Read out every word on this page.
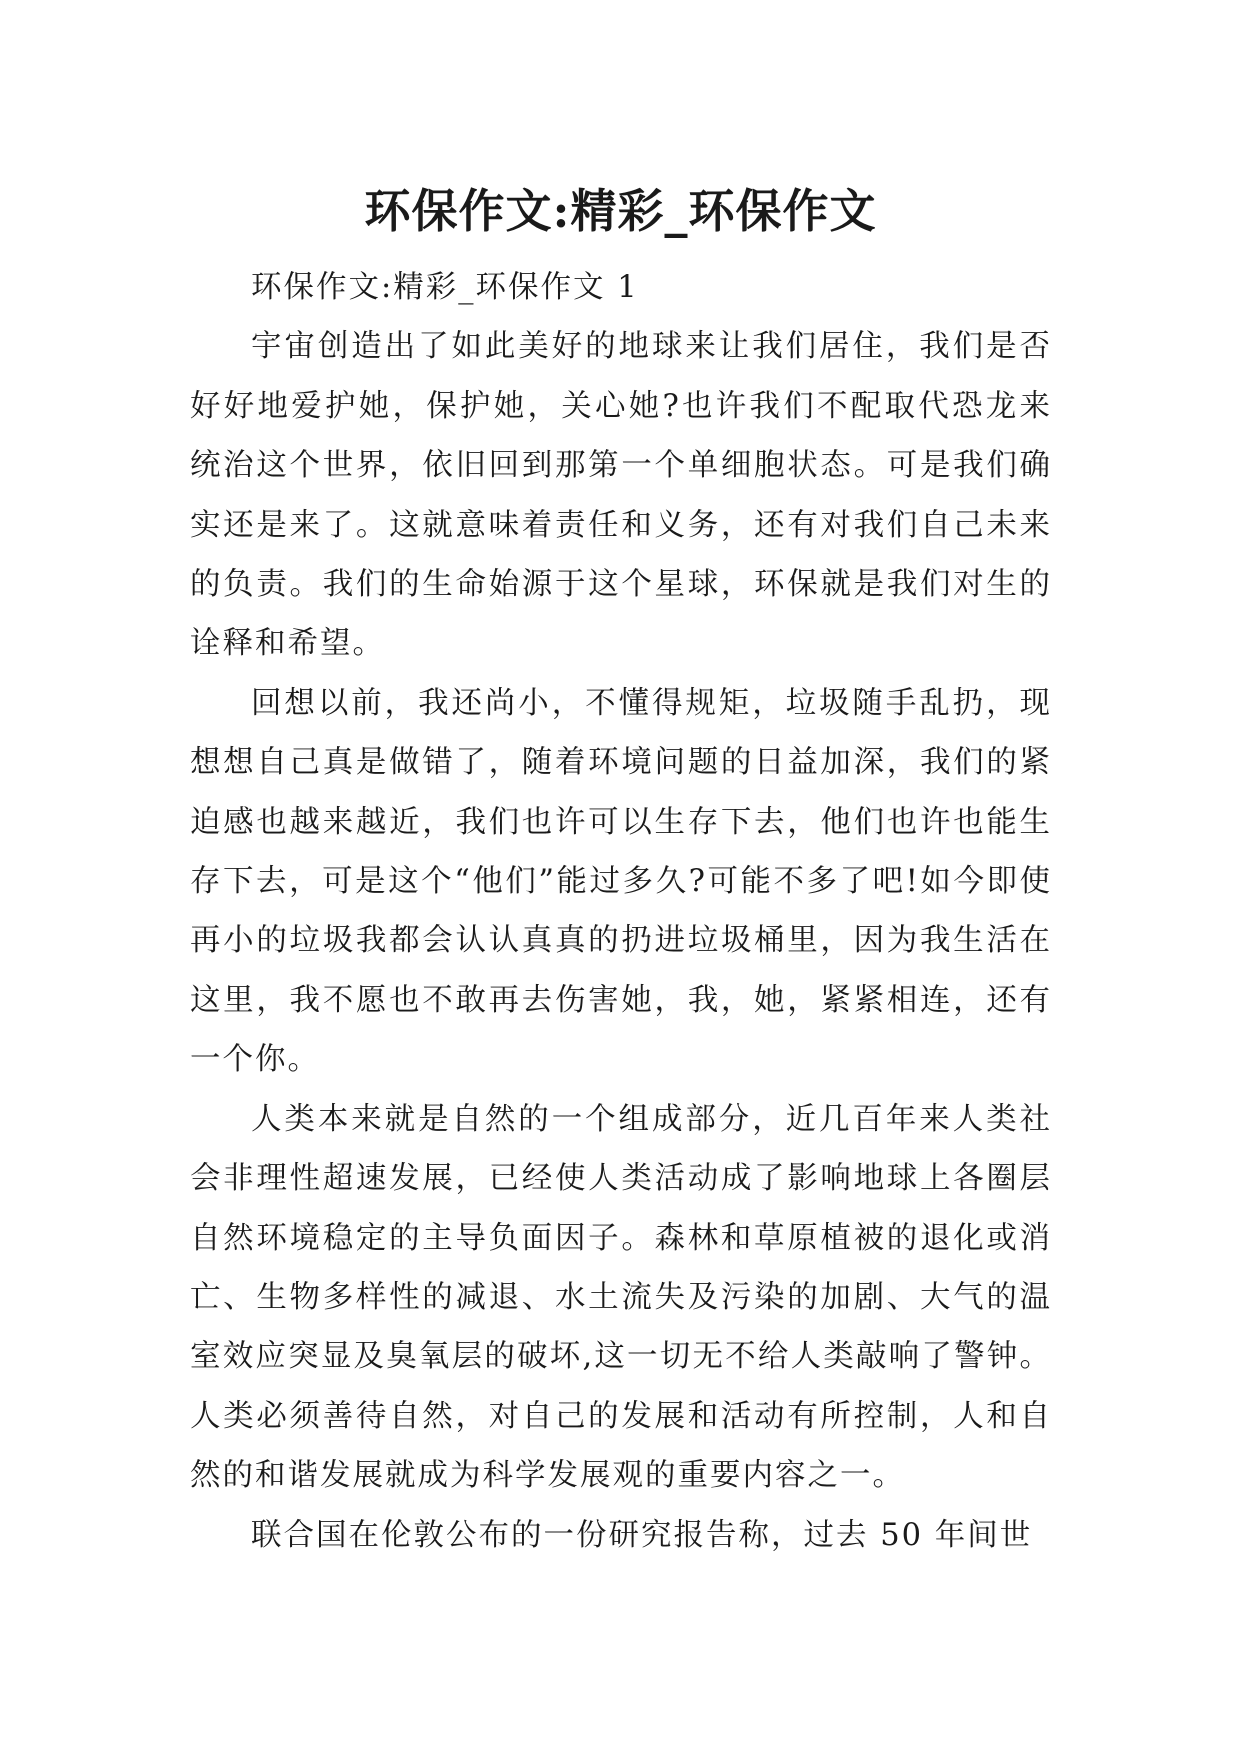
环保作文:精彩_环保作文

环保作文:精彩_环保作文 1

宇宙创造出了如此美好的地球来让我们居住，我们是否好好地爱护她，保护她，关心她?也许我们不配取代恐龙来统治这个世界，依旧回到那第一个单细胞状态。可是我们确实还是来了。这就意味着责任和义务，还有对我们自己未来的负责。我们的生命始源于这个星球，环保就是我们对生的诠释和希望。

回想以前，我还尚小，不懂得规矩，垃圾随手乱扔，现想想自己真是做错了，随着环境问题的日益加深，我们的紧迫感也越来越近，我们也许可以生存下去，他们也许也能生存下去，可是这个“他们”能过多久?可能不多了吧!如今即使再小的垃圾我都会认认真真的扔进垃圾桶里，因为我生活在这里，我不愿也不敢再去伤害她，我，她，紧紧相连，还有一个你。

人类本来就是自然的一个组成部分，近几百年来人类社会非理性超速发展，已经使人类活动成了影响地球上各圈层自然环境稳定的主导负面因子。森林和草原植被的退化或消亡、生物多样性的减退、水土流失及污染的加剧、大气的温室效应突显及臭氧层的破坏,这一切无不给人类敲响了警钟。人类必须善待自然，对自己的发展和活动有所控制，人和自然的和谐发展就成为科学发展观的重要内容之一。

联合国在伦敦公布的一份研究报告称，过去 50 年间世
